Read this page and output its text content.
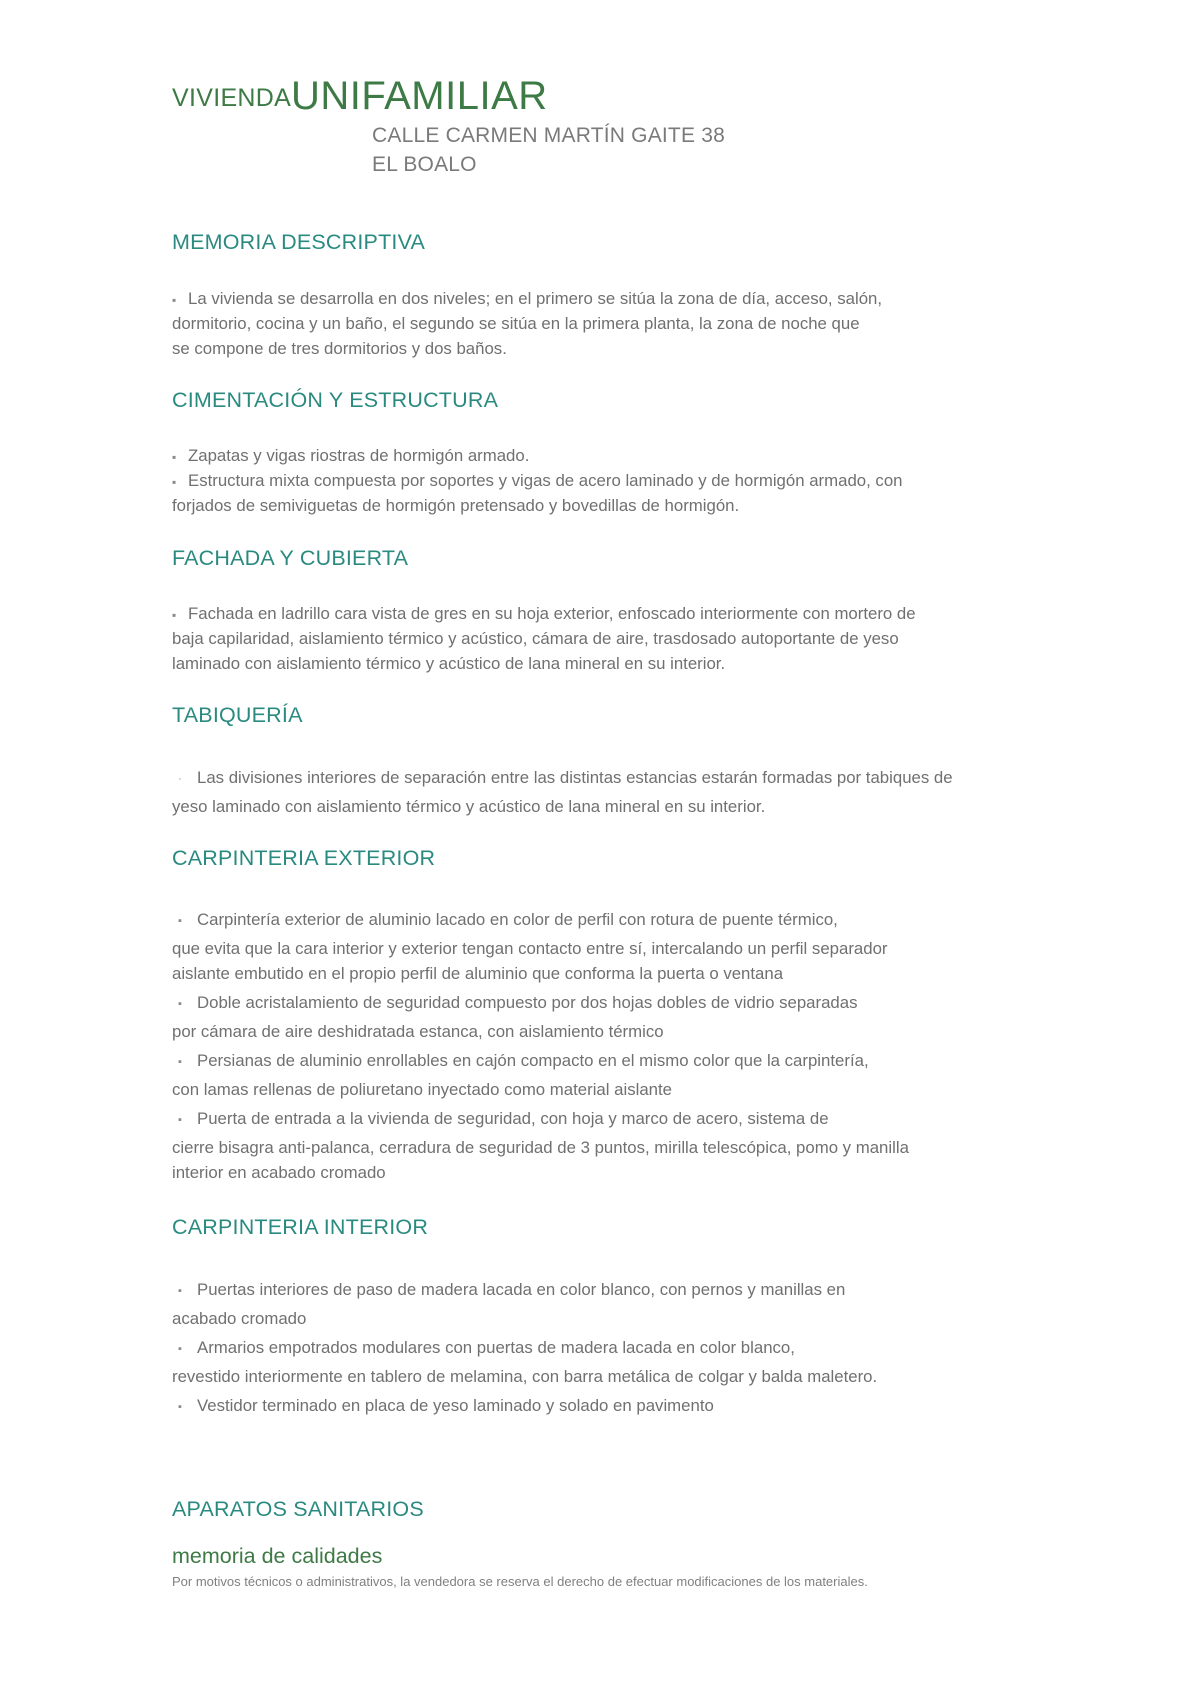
VIVIENDA UNIFAMILIAR
CALLE CARMEN MARTÍN GAITE 38
EL BOALO
MEMORIA DESCRIPTIVA
▪ La vivienda se desarrolla en dos niveles; en el primero se sitúa la zona de día, acceso, salón,
dormitorio, cocina y un baño, el segundo se sitúa en la primera planta, la zona de noche que
se compone de tres dormitorios y dos baños.
CIMENTACIÓN Y ESTRUCTURA
▪ Zapatas y vigas riostras de hormigón armado.
▪ Estructura mixta compuesta por soportes y vigas de acero laminado y de hormigón armado, con
forjados de semiviguetas de hormigón pretensado y bovedillas de hormigón.
FACHADA Y CUBIERTA
▪ Fachada en ladrillo cara vista de gres en su hoja exterior, enfoscado interiormente con mortero de
baja capilaridad, aislamiento térmico y acústico, cámara de aire, trasdosado autoportante de yeso
laminado con aislamiento térmico y acústico de lana mineral en su interior.
TABIQUERÍA
· Las divisiones interiores de separación entre las distintas estancias estarán formadas por tabiques de
yeso laminado con aislamiento térmico y acústico de lana mineral en su interior.
CARPINTERIA EXTERIOR
▪ Carpintería exterior de aluminio lacado en color de perfil con rotura de puente térmico,
que evita que la cara interior y exterior tengan contacto entre sí, intercalando un perfil separador
aislante embutido en el propio perfil de aluminio que conforma la puerta o ventana
▪ Doble acristalamiento de seguridad compuesto por dos hojas dobles de vidrio separadas
por cámara de aire deshidratada estanca, con aislamiento térmico
▪ Persianas de aluminio enrollables en cajón compacto en el mismo color que la carpintería,
con lamas rellenas de poliuretano inyectado como material aislante
▪ Puerta de entrada a la vivienda de seguridad, con hoja y marco de acero, sistema de
cierre bisagra anti-palanca, cerradura de seguridad de 3 puntos, mirilla telescópica, pomo y manilla
interior en acabado cromado
CARPINTERIA INTERIOR
▪ Puertas interiores de paso de madera lacada en color blanco, con pernos y manillas en
acabado cromado
▪ Armarios empotrados modulares con puertas de madera lacada en color blanco,
revestido interiormente en tablero de melamina, con barra metálica de colgar y balda maletero.
▪ Vestidor terminado en placa de yeso laminado y solado en pavimento
APARATOS SANITARIOS
memoria de calidades
Por motivos técnicos o administrativos, la vendedora se reserva el derecho de efectuar modificaciones de los materiales.
